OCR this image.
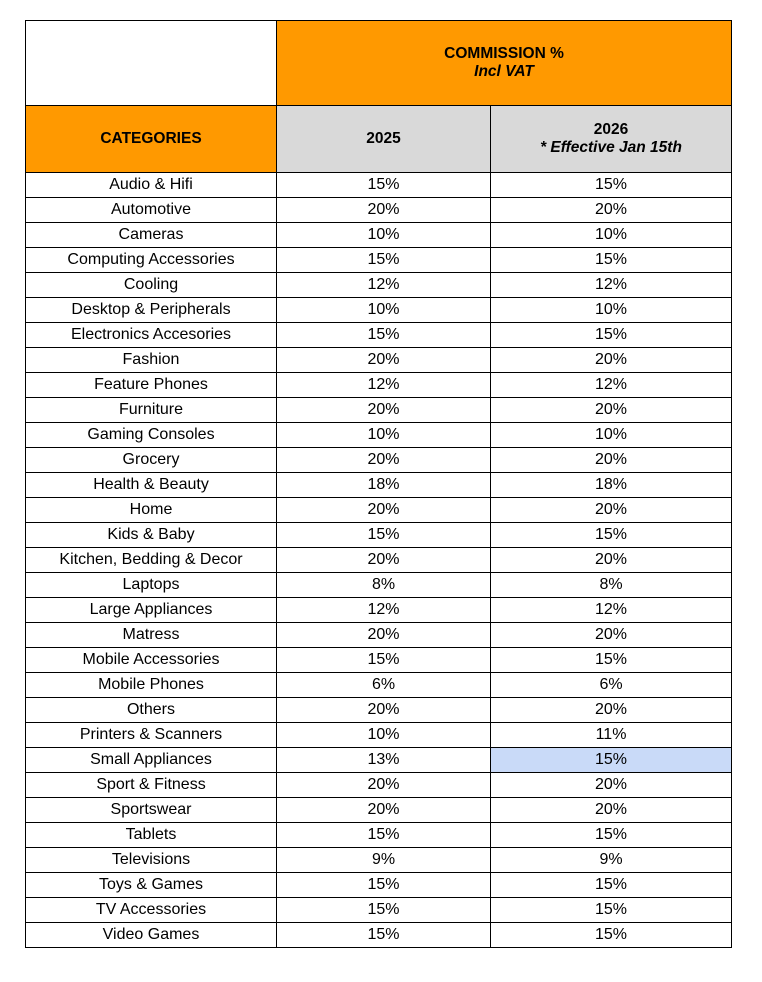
	COMMISSION %
Incl VAT	

CATEGORIES	2025	2026
* Effective Jan 15th

Audio & Hifi	15%	15%
Automotive	20%	20%
Cameras	10%	10%
Computing Accessories	15%	15%
Cooling	12%	12%
Desktop & Peripherals	10%	10%
Electronics Accesories	15%	15%
Fashion	20%	20%
Feature Phones	12%	12%
Furniture	20%	20%
Gaming Consoles	10%	10%
Grocery	20%	20%
Health & Beauty	18%	18%
Home	20%	20%
Kids & Baby	15%	15%
Kitchen, Bedding & Decor	20%	20%
Laptops	8%	8%
Large Appliances	12%	12%
Matress	20%	20%
Mobile Accessories	15%	15%
Mobile Phones	6%	6%
Others	20%	20%
Printers & Scanners	10%	11%
Small Appliances	13%	15%
Sport & Fitness	20%	20%
Sportswear	20%	20%
Tablets	15%	15%
Televisions	9%	9%
Toys & Games	15%	15%
TV Accessories	15%	15%
Video Games	15%	15%
